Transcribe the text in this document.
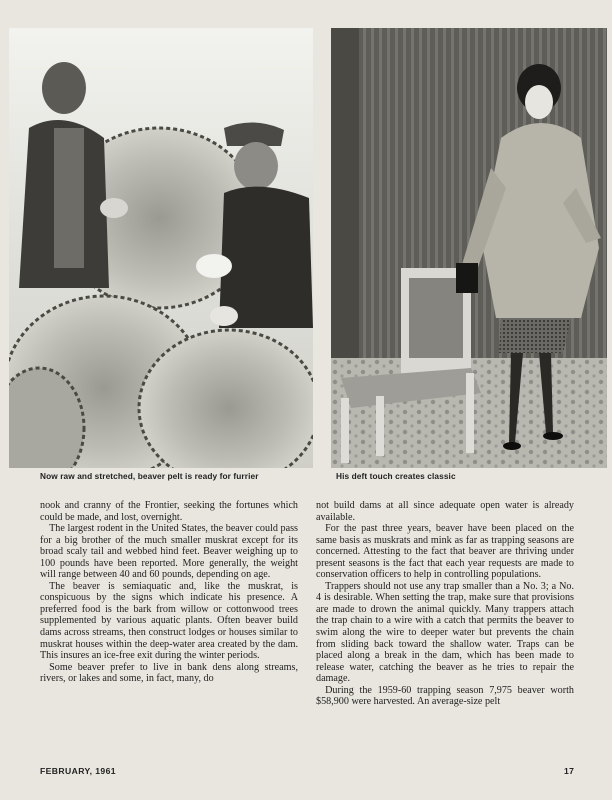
Now raw and stretched, beaver pelt is ready for furrier	His deft touch creates classic

nook and cranny of the Frontier, seeking the fortunes which could be made, and lost, overnight.

The largest rodent in the United States, the beaver could pass for a big brother of the much smaller muskrat except for its broad scaly tail and webbed hind feet. Beaver weighing up to 100 pounds have been reported. More generally, the weight will range between 40 and 60 pounds, depending on age.

The beaver is semiaquatic and, like the muskrat, is conspicuous by the signs which indicate his presence. A preferred food is the bark from willow or cottonwood trees supplemented by various aquatic plants. Often beaver build dams across streams, then construct lodges or houses similar to muskrat houses within the deep-water area created by the dam. This insures an ice-free exit during the winter periods.

Some beaver prefer to live in bank dens along streams, rivers, or lakes and some, in fact, many, do

not build dams at all since adequate open water is already available.

For the past three years, beaver have been placed on the same basis as muskrats and mink as far as trapping seasons are concerned. Attesting to the fact that beaver are thriving under present seasons is the fact that each year requests are made to conservation officers to help in controlling populations.

Trappers should not use any trap smaller than a No. 3; a No. 4 is desirable. When setting the trap, make sure that provisions are made to drown the animal quickly. Many trappers attach the trap chain to a wire with a catch that permits the beaver to swim along the wire to deeper water but prevents the chain from sliding back toward the shallow water. Traps can be placed along a break in the dam, which has been made to release water, catching the beaver as he tries to repair the damage.

During the 1959-60 trapping season 7,975 beaver worth $58,900 were harvested. An average-size pelt

FEBRUARY, 1961	17
